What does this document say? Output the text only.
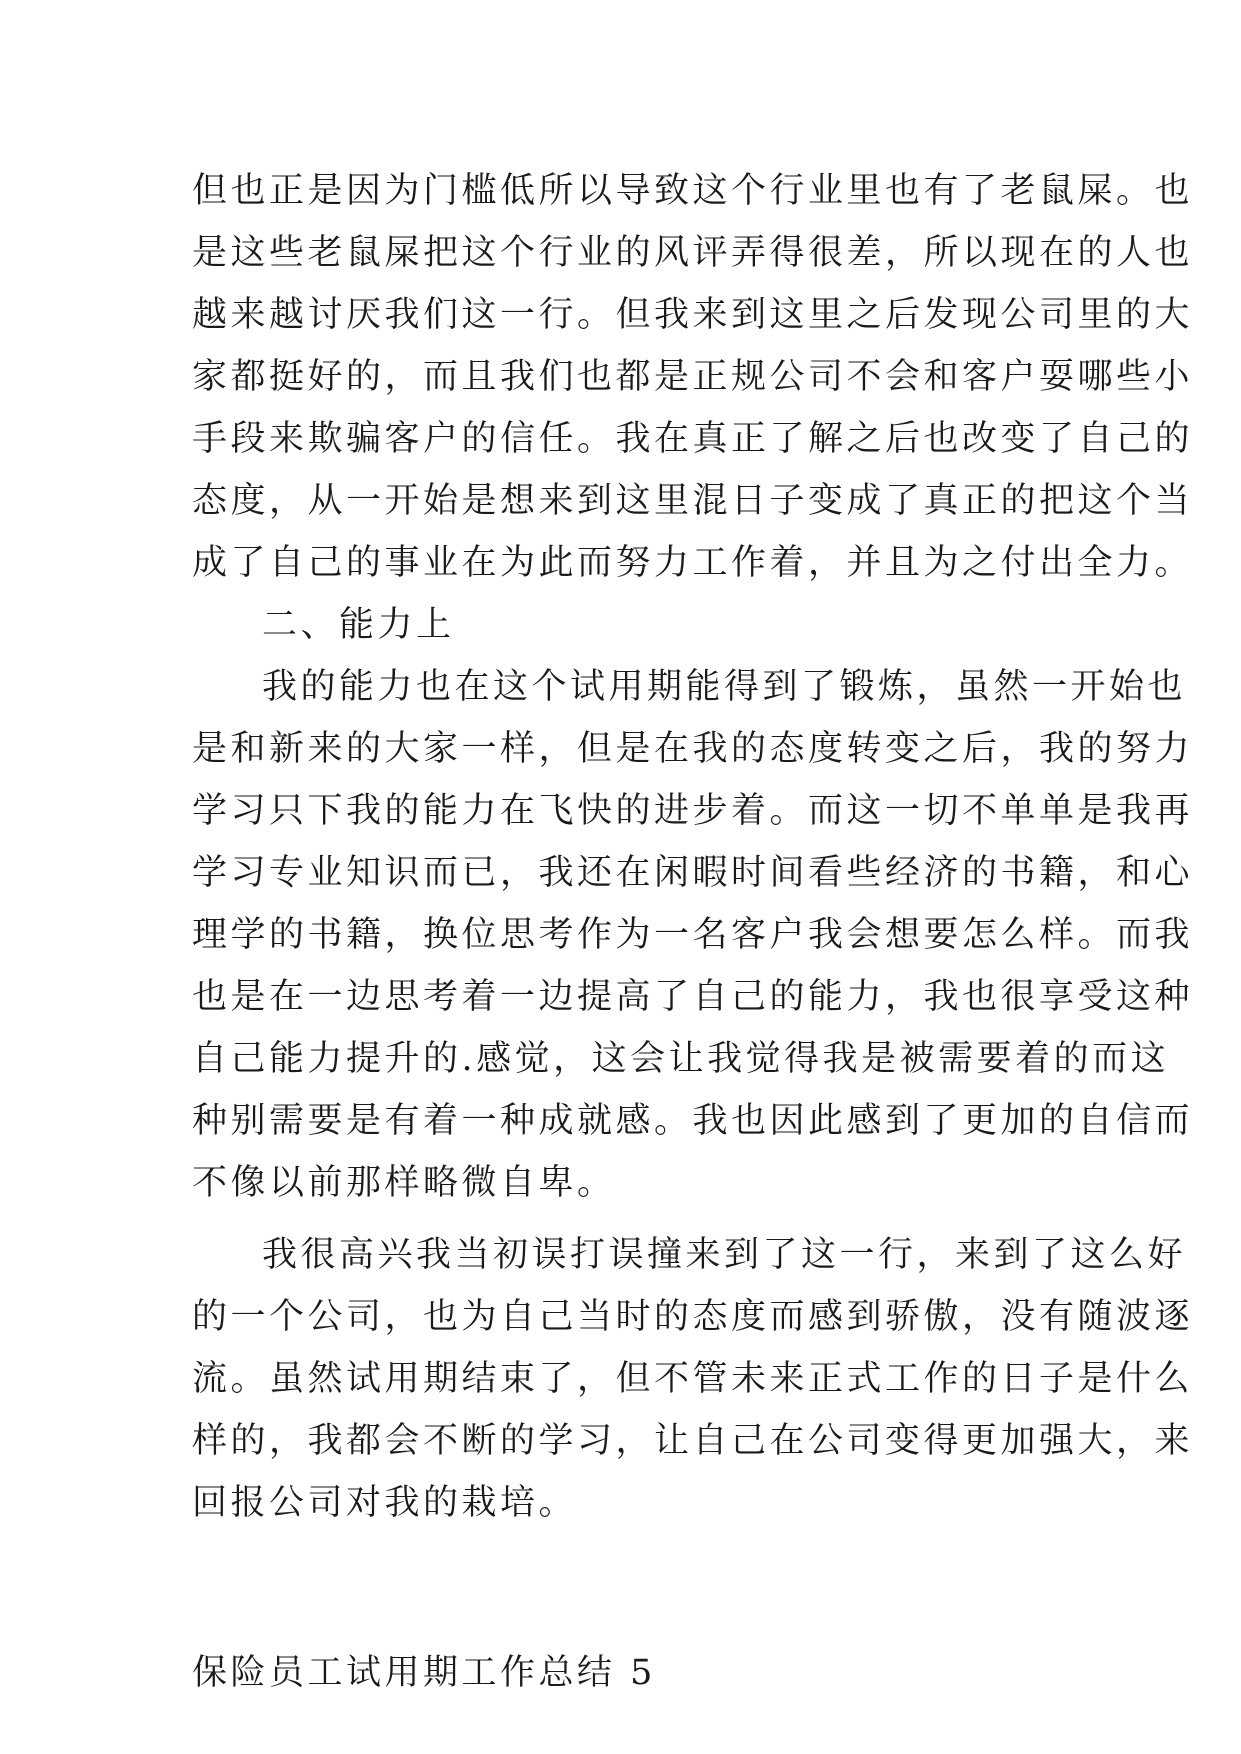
但也正是因为门槛低所以导致这个行业里也有了老鼠屎。也
是这些老鼠屎把这个行业的风评弄得很差，所以现在的人也
越来越讨厌我们这一行。但我来到这里之后发现公司里的大
家都挺好的，而且我们也都是正规公司不会和客户耍哪些小
手段来欺骗客户的信任。我在真正了解之后也改变了自己的
态度，从一开始是想来到这里混日子变成了真正的把这个当
成了自己的事业在为此而努力工作着，并且为之付出全力。
二、能力上
我的能力也在这个试用期能得到了锻炼，虽然一开始也
是和新来的大家一样，但是在我的态度转变之后，我的努力
学习只下我的能力在飞快的进步着。而这一切不单单是我再
学习专业知识而已，我还在闲暇时间看些经济的书籍，和心
理学的书籍，换位思考作为一名客户我会想要怎么样。而我
也是在一边思考着一边提高了自己的能力，我也很享受这种
自己能力提升的.感觉，这会让我觉得我是被需要着的而这
种别需要是有着一种成就感。我也因此感到了更加的自信而
不像以前那样略微自卑。
我很高兴我当初误打误撞来到了这一行，来到了这么好
的一个公司，也为自己当时的态度而感到骄傲，没有随波逐
流。虽然试用期结束了，但不管未来正式工作的日子是什么
样的，我都会不断的学习，让自己在公司变得更加强大，来
回报公司对我的栽培。
保险员工试用期工作总结 5
